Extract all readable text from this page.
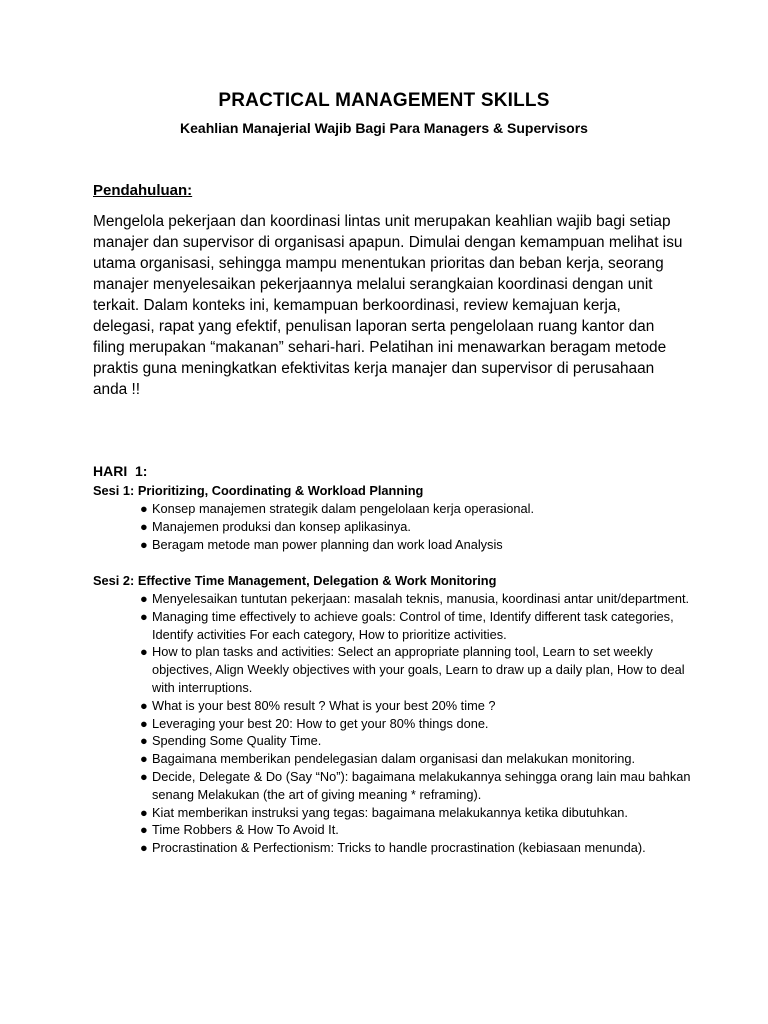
PRACTICAL MANAGEMENT SKILLS
Keahlian Manajerial Wajib Bagi Para Managers & Supervisors
Pendahuluan:
Mengelola pekerjaan dan koordinasi lintas unit merupakan keahlian wajib bagi setiap manajer dan supervisor di organisasi apapun. Dimulai dengan kemampuan melihat isu utama organisasi, sehingga mampu menentukan prioritas dan beban kerja, seorang manajer menyelesaikan pekerjaannya melalui serangkaian koordinasi dengan unit terkait. Dalam konteks ini, kemampuan berkoordinasi, review kemajuan kerja, delegasi, rapat yang efektif, penulisan laporan serta pengelolaan ruang kantor dan filing merupakan “makanan” sehari-hari. Pelatihan ini menawarkan beragam metode praktis guna meningkatkan efektivitas kerja manajer dan supervisor di perusahaan anda !!
HARI  1:
Sesi 1: Prioritizing, Coordinating & Workload Planning
● Konsep manajemen strategik dalam pengelolaan kerja operasional.
● Manajemen produksi dan konsep aplikasinya.
● Beragam metode man power planning dan work load Analysis
Sesi 2: Effective Time Management, Delegation & Work Monitoring
● Menyelesaikan tuntutan pekerjaan: masalah teknis, manusia, koordinasi antar unit/department.
● Managing time effectively to achieve goals: Control of time, Identify different task categories, Identify activities For each category, How to prioritize activities.
● How to plan tasks and activities: Select an appropriate planning tool, Learn to set weekly objectives, Align Weekly objectives with your goals, Learn to draw up a daily plan, How to deal with interruptions.
● What is your best 80% result ? What is your best 20% time ?
● Leveraging your best 20: How to get your 80% things done.
● Spending Some Quality Time.
● Bagaimana memberikan pendelegasian dalam organisasi dan melakukan monitoring.
● Decide, Delegate & Do (Say “No”): bagaimana melakukannya sehingga orang lain mau bahkan senang Melakukan (the art of giving meaning * reframing).
● Kiat memberikan instruksi yang tegas: bagaimana melakukannya ketika dibutuhkan.
● Time Robbers & How To Avoid It.
● Procrastination & Perfectionism: Tricks to handle procrastination (kebiasaan menunda).
